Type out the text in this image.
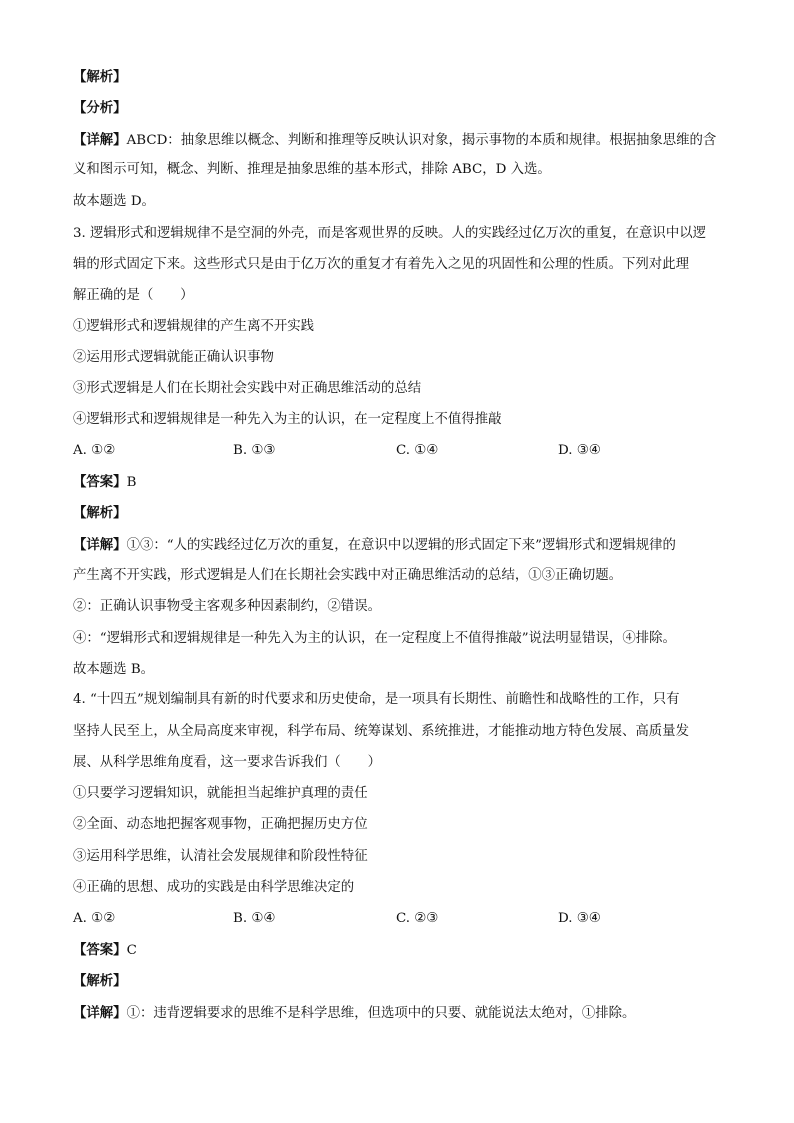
【解析】
【分析】
【详解】ABCD：抽象思维以概念、判断和推理等反映认识对象，揭示事物的本质和规律。根据抽象思维的含
义和图示可知，概念、判断、推理是抽象思维的基本形式，排除 ABC，D 入选。
故本题选 D。
3. 逻辑形式和逻辑规律不是空洞的外壳，而是客观世界的反映。人的实践经过亿万次的重复，在意识中以逻
辑的形式固定下来。这些形式只是由于亿万次的重复才有着先入之见的巩固性和公理的性质。下列对此理
解正确的是（　　）
①逻辑形式和逻辑规律的产生离不开实践
②运用形式逻辑就能正确认识事物
③形式逻辑是人们在长期社会实践中对正确思维活动的总结
④逻辑形式和逻辑规律是一种先入为主的认识，在一定程度上不值得推敲
A. ①②	B. ①③	C. ①④	D. ③④
【答案】B
【解析】
【详解】①③：“人的实践经过亿万次的重复，在意识中以逻辑的形式固定下来”逻辑形式和逻辑规律的
产生离不开实践，形式逻辑是人们在长期社会实践中对正确思维活动的总结，①③正确切题。
②：正确认识事物受主客观多种因素制约，②错误。
④：“逻辑形式和逻辑规律是一种先入为主的认识，在一定程度上不值得推敲”说法明显错误，④排除。
故本题选 B。
4. “十四五”规划编制具有新的时代要求和历史使命，是一项具有长期性、前瞻性和战略性的工作，只有
坚持人民至上，从全局高度来审视，科学布局、统筹谋划、系统推进，才能推动地方特色发展、高质量发
展、从科学思维角度看，这一要求告诉我们（　　）
①只要学习逻辑知识，就能担当起维护真理的责任
②全面、动态地把握客观事物，正确把握历史方位
③运用科学思维，认清社会发展规律和阶段性特征
④正确的思想、成功的实践是由科学思维决定的
A. ①②	B. ①④	C. ②③	D. ③④
【答案】C
【解析】
【详解】①：违背逻辑要求的思维不是科学思维，但选项中的只要、就能说法太绝对，①排除。
